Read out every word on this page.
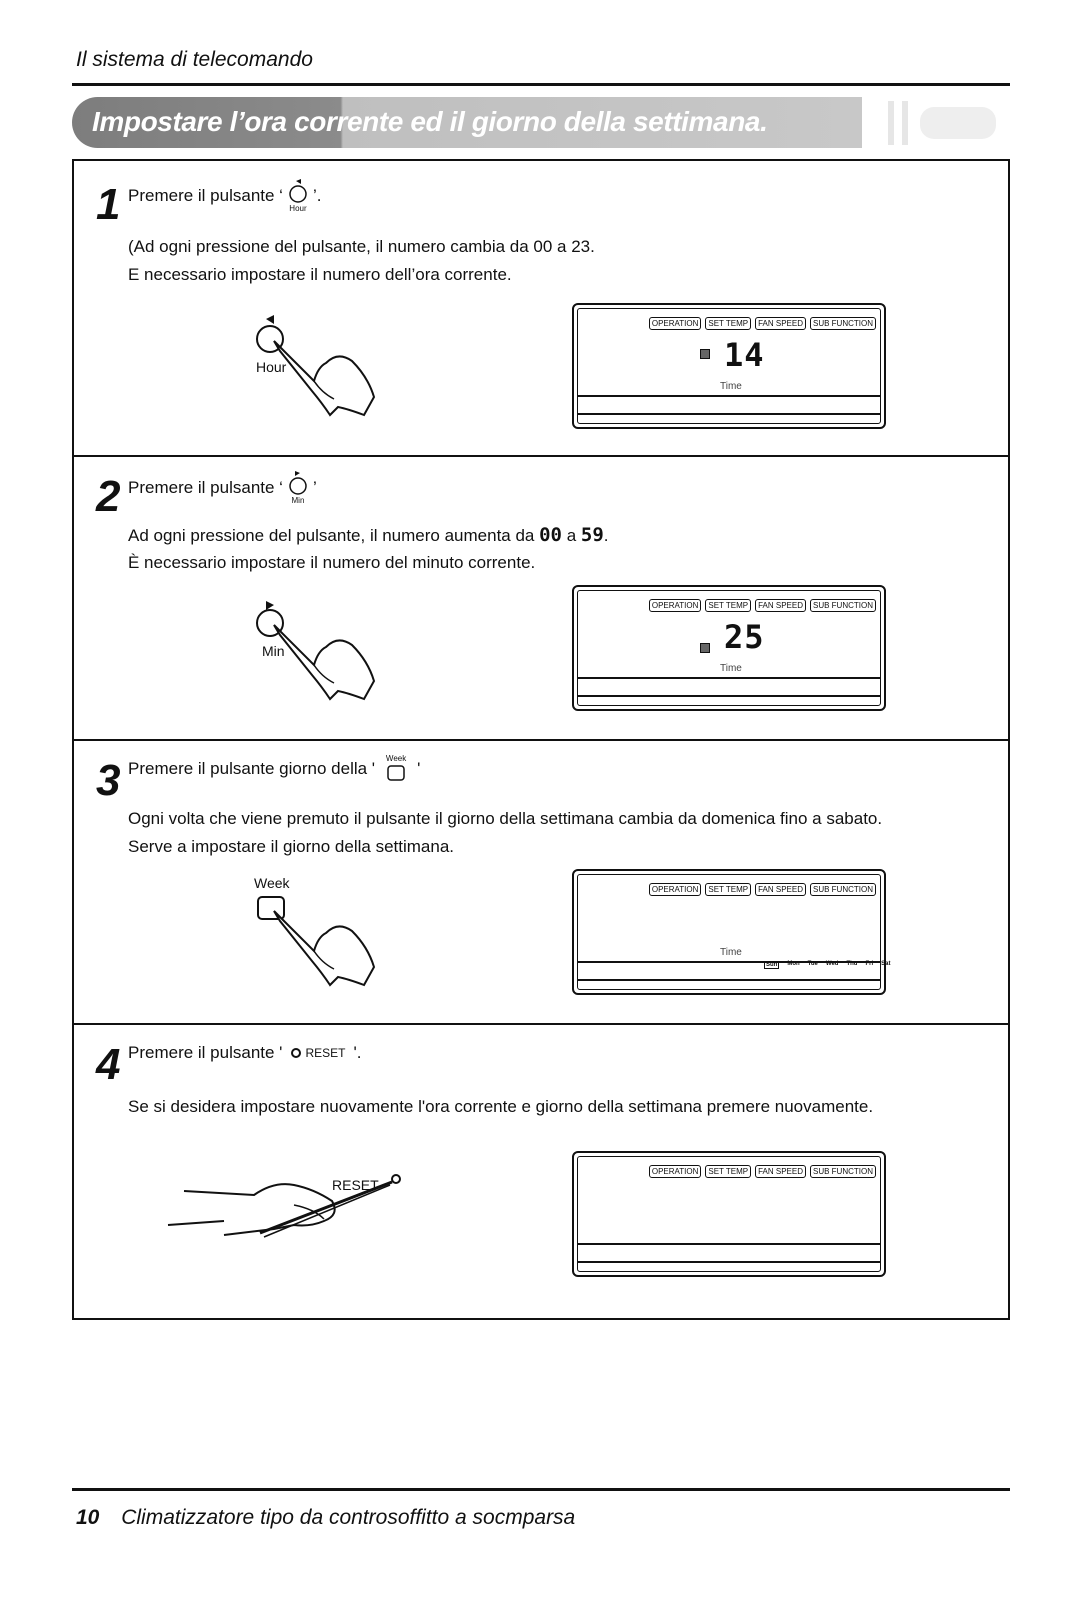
Il sistema di telecomando
Impostare l’ora corrente ed il giorno della settimana.
1 Premere il pulsante ‘
Hour
’.
(Ad ogni pressione del pulsante, il numero cambia da 00 a 23.
E necessario impostare il numero dell’ora corrente.
Hour
OPERATION	SET TEMP	FAN SPEED	SUB FUNCTION
14
Time
2 Premere il pulsante ‘
Min
’
Ad ogni pressione del pulsante, il numero aumenta da 00 a 59.
È necessario impostare il numero del minuto corrente.
Min
OPERATION	SET TEMP	FAN SPEED	SUB FUNCTION
25
Time
3 Premere il pulsante giorno della '
Week
'
Ogni volta che viene premuto il pulsante il giorno della settimana cambia da domenica fino a sabato.
Serve a impostare il giorno della settimana.
Week	OPERATION	SET TEMP	FAN SPEED	SUB FUNCTION
Time
Sun	Mon Tue Wed Thu Fri Sat
4 Premere il pulsante ' RESET '.
Se si desidera impostare nuovamente l'ora corrente e giorno della settimana premere nuovamente.
RESET
OPERATION	SET TEMP	FAN SPEED	SUB FUNCTION
10 Climatizzatore tipo da controsoffitto a socmparsa
